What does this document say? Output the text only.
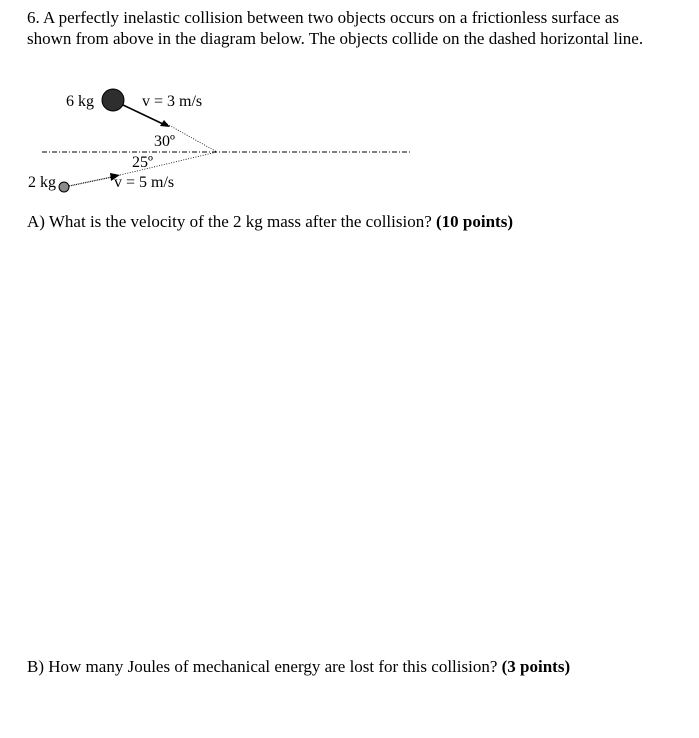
6. A perfectly inelastic collision between two objects occurs on a frictionless surface as shown from above in the diagram below. The objects collide on the dashed horizontal line.

6 kg	v = 3 m/s
30º
25º
2 kg	v = 5 m/s

A) What is the velocity of the 2 kg mass after the collision? (10 points)

B) How many Joules of mechanical energy are lost for this collision? (3 points)
